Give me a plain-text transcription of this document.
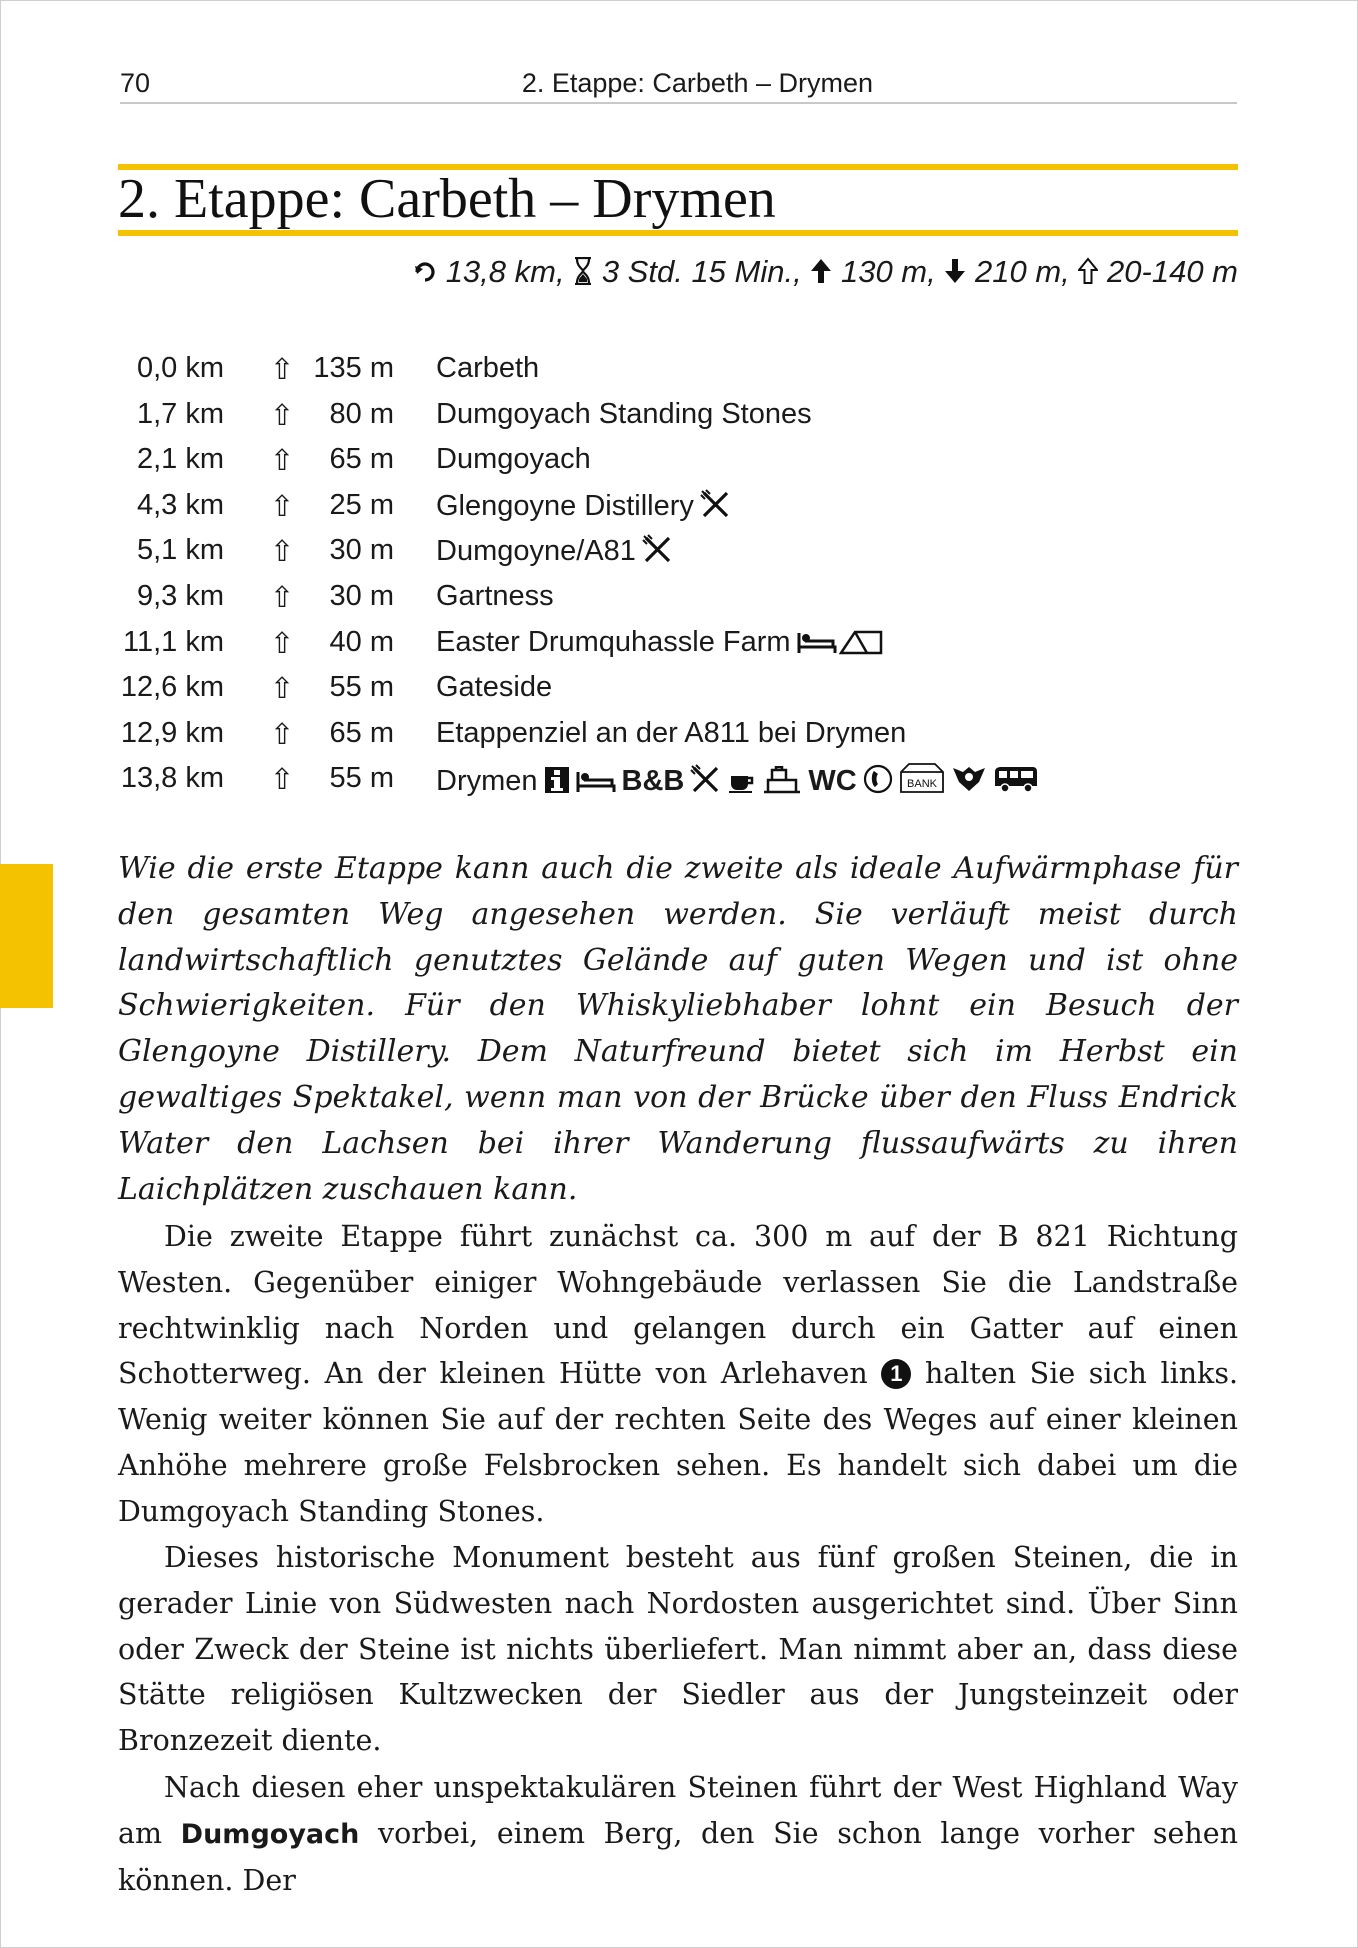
70	2. Etappe: Carbeth – Drymen
2. Etappe: Carbeth – Drymen
13,8 km, 3 Std. 15 Min., 130 m, 210 m, 20-140 m
0,0 km ⇧ 135 m Carbeth
1,7 km ⇧	80 m Dumgoyach Standing Stones
2,1 km ⇧	65 m Dumgoyach
4,3 km ⇧	25 m Glengoyne Distillery
5,1 km ⇧	30 m Dumgoyne/A81
9,3 km ⇧	30 m Gartness
11,1 km ⇧	40 m Easter Drumquhassle Farm
12,6 km ⇧	55 m Gateside
12,9 km ⇧	65 m Etappenziel an der A811 bei Drymen
13,8 km ⇧	55 m Drymen	B&B	WC	BANK
Wie die erste Etappe kann auch die zweite als ideale Aufwärmphase für den gesamten Weg angesehen werden. Sie verläuft meist durch landwirtschaftlich genutztes Gelände auf guten Wegen und ist ohne Schwierigkeiten. Für den Whiskyliebhaber lohnt ein Besuch der Glengoyne Distillery. Dem Naturfreund bietet sich im Herbst ein gewaltiges Spektakel, wenn man von der Brücke über den Fluss Endrick Water den Lachsen bei ihrer Wanderung flussaufwärts zu ihren Laichplätzen zuschauen kann.
Die zweite Etappe führt zunächst ca. 300 m auf der B 821 Richtung Westen. Gegenüber einiger Wohngebäude verlassen Sie die Landstraße rechtwinklig nach Norden und gelangen durch ein Gatter auf einen Schotterweg. An der kleinen Hütte von Arlehaven 1 halten Sie sich links. Wenig weiter können Sie auf der rechten Seite des Weges auf einer kleinen Anhöhe mehrere große Felsbrocken sehen. Es handelt sich dabei um die Dumgoyach Standing Stones.
Dieses historische Monument besteht aus fünf großen Steinen, die in gerader Linie von Südwesten nach Nordosten ausgerichtet sind. Über Sinn oder Zweck der Steine ist nichts überliefert. Man nimmt aber an, dass diese Stätte religiösen Kultzwecken der Siedler aus der Jungsteinzeit oder Bronzezeit diente.
Nach diesen eher unspektakulären Steinen führt der West Highland Way am Dumgoyach vorbei, einem Berg, den Sie schon lange vorher sehen können. Der
